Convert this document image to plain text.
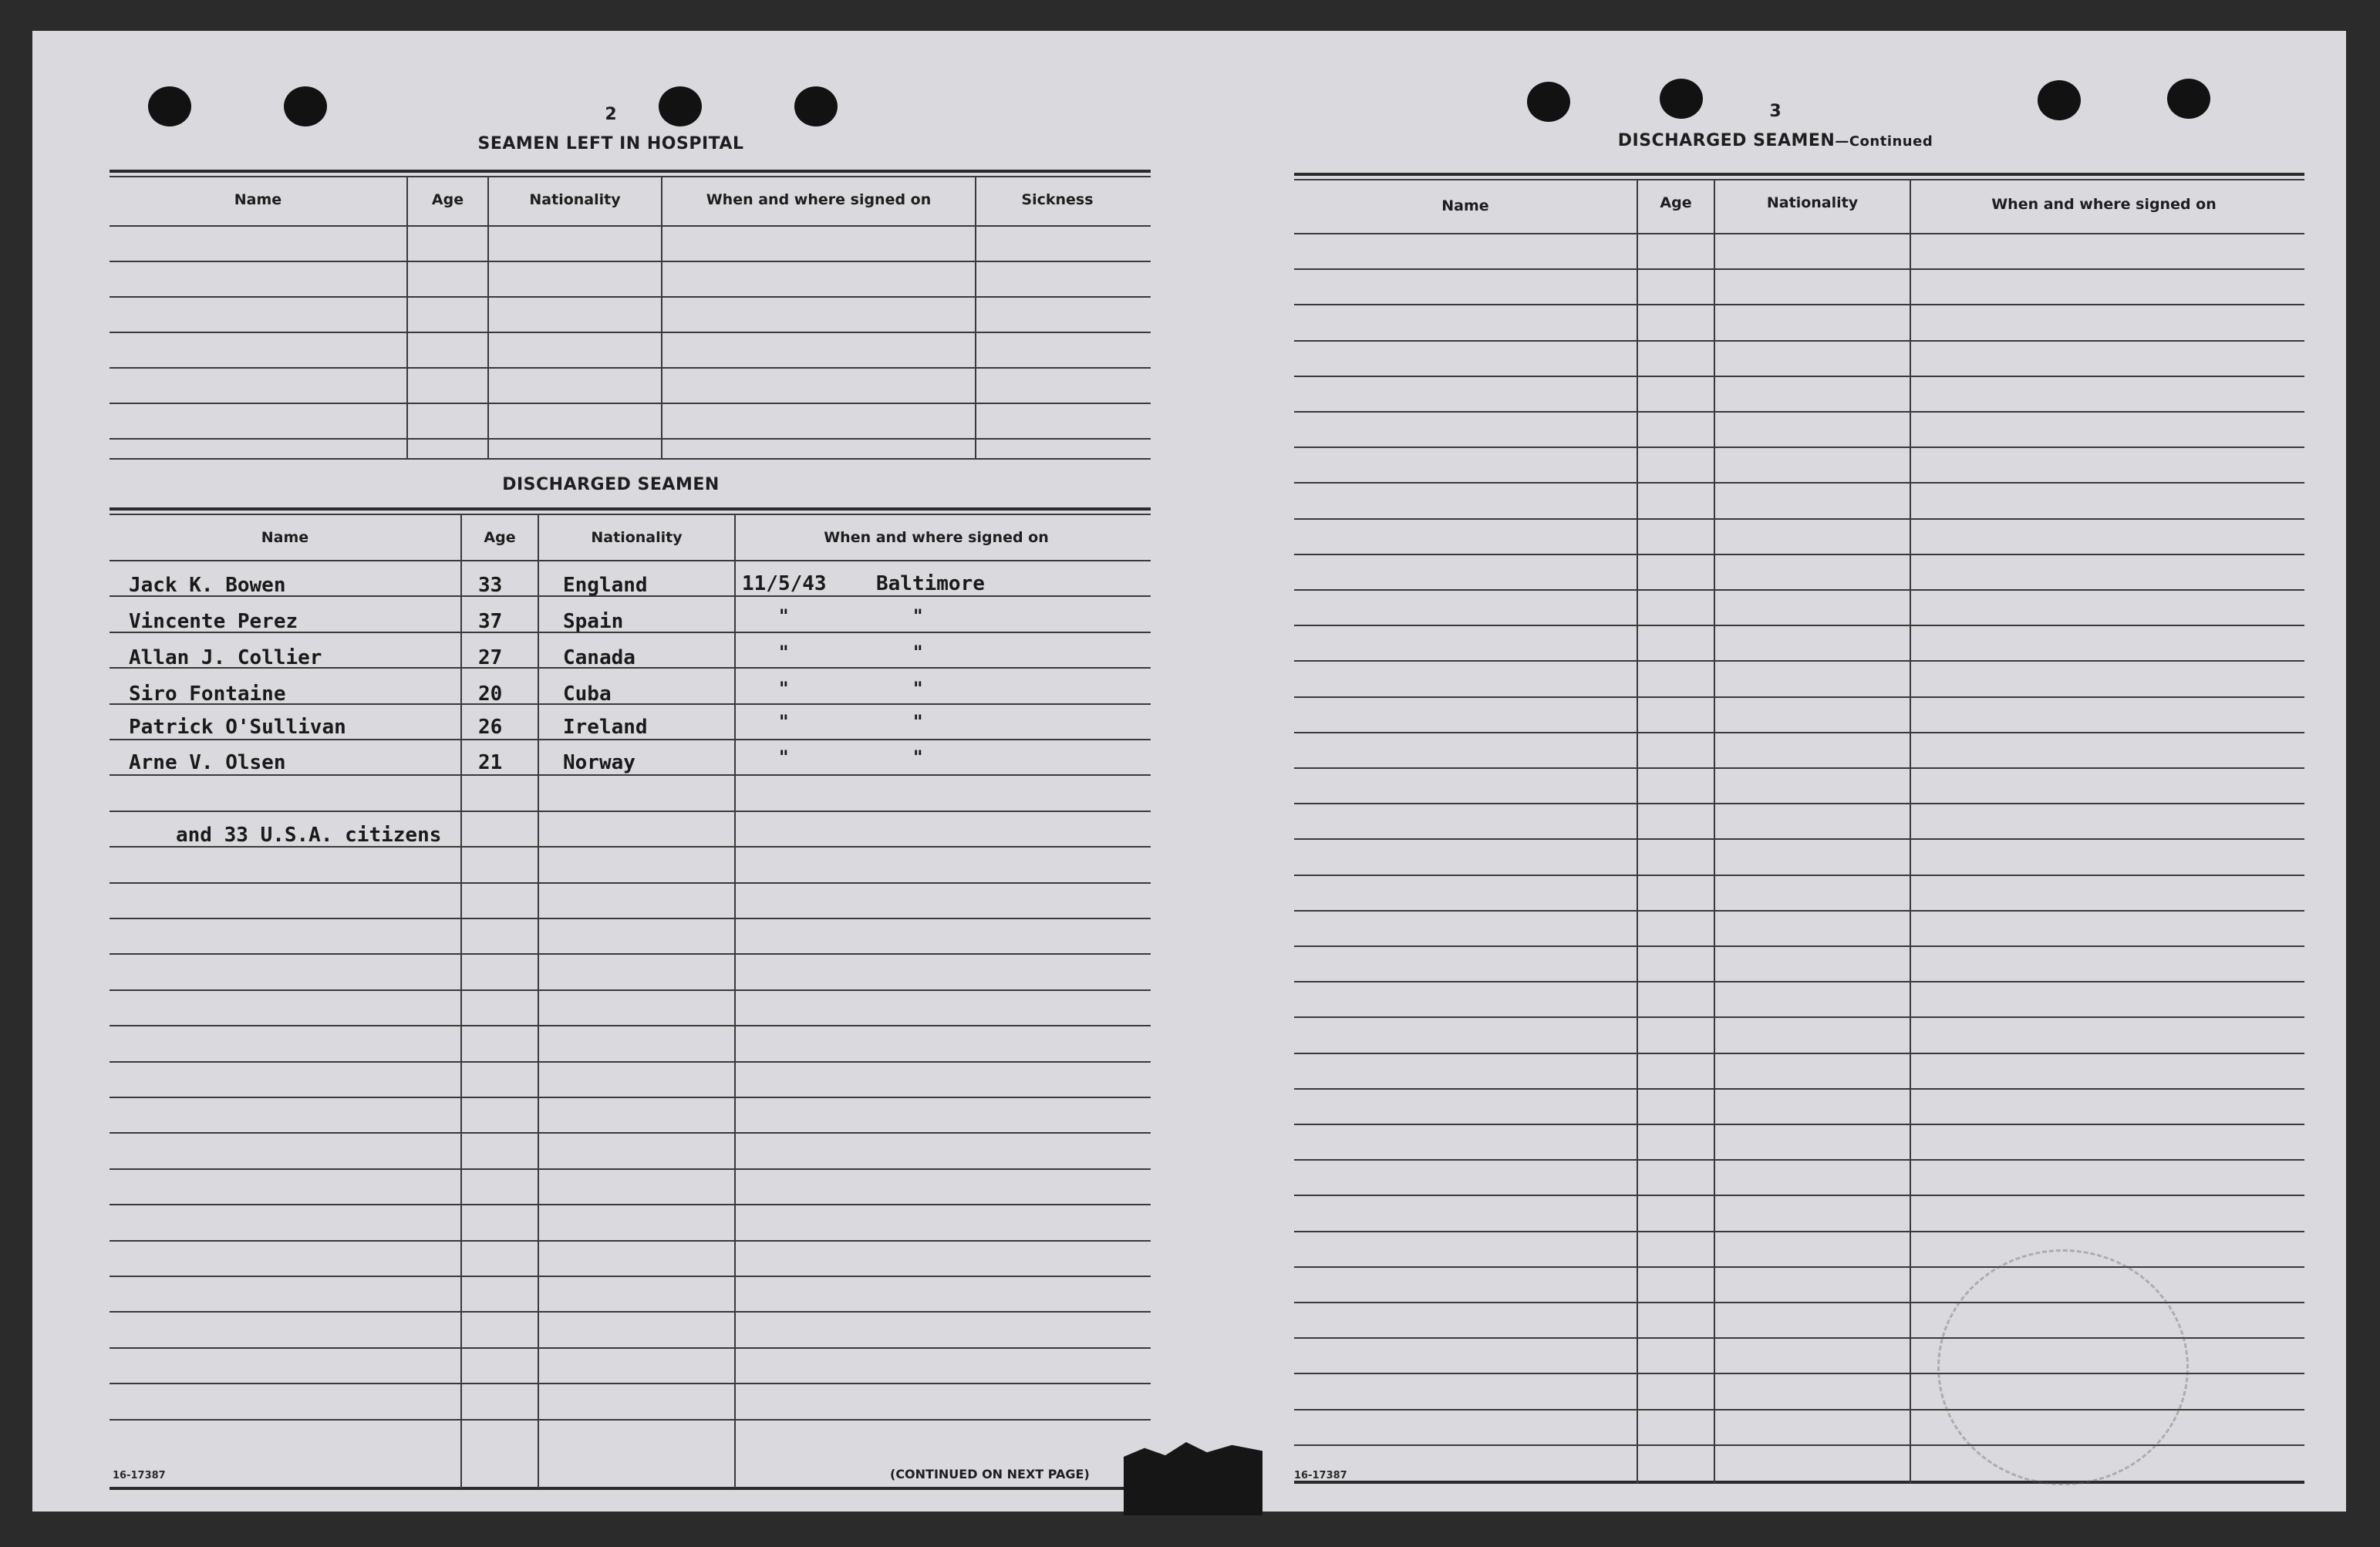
2
SEAMEN LEFT IN HOSPITAL
Name	Age	Nationality	When and where signed on	Sickness
DISCHARGED SEAMEN
Name	Age	Nationality	When and where signed on
Jack K. Bowen	33	England	11/5/43 Baltimore
Vincente Perez	37	Spain	"	"
Allan J. Collier	27	Canada	"	"
Siro Fontaine	20	Cuba	"	"
Patrick O'Sullivan	26	Ireland	"	"
Arne V. Olsen	21	Norway	"	"
and 33 U.S.A. citizens
16-17387	(CONTINUED ON NEXT PAGE)
3
DISCHARGED SEAMEN—Continued
Name	Age	Nationality	When and where signed on
16-17387
